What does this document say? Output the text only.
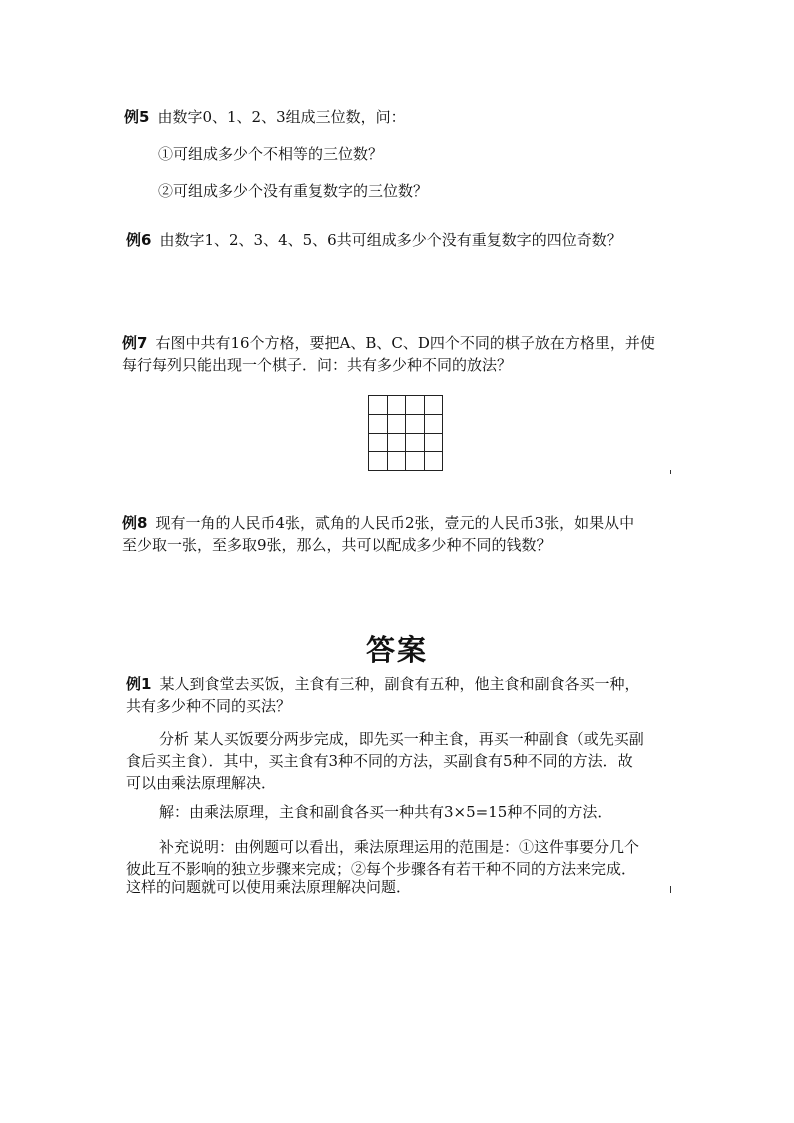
例5 由数字0、1、2、3组成三位数，问：
①可组成多少个不相等的三位数？
②可组成多少个没有重复数字的三位数？
例6 由数字1、2、3、4、5、6共可组成多少个没有重复数字的四位奇数？
例7 右图中共有16个方格，要把A、B、C、D四个不同的棋子放在方格里，并使
每行每列只能出现一个棋子．问：共有多少种不同的放法？
例8 现有一角的人民币4张，贰角的人民币2张，壹元的人民币3张，如果从中
至少取一张，至多取9张，那么，共可以配成多少种不同的钱数？
答案
例1 某人到食堂去买饭，主食有三种，副食有五种，他主食和副食各买一种，
共有多少种不同的买法？
分析 某人买饭要分两步完成，即先买一种主食，再买一种副食（或先买副
食后买主食）．其中，买主食有3种不同的方法，买副食有5种不同的方法．故
可以由乘法原理解决．
解：由乘法原理，主食和副食各买一种共有3×5=15种不同的方法．
补充说明：由例题可以看出，乘法原理运用的范围是：①这件事要分几个
彼此互不影响的独立步骤来完成；②每个步骤各有若干种不同的方法来完成．
这样的问题就可以使用乘法原理解决问题．
